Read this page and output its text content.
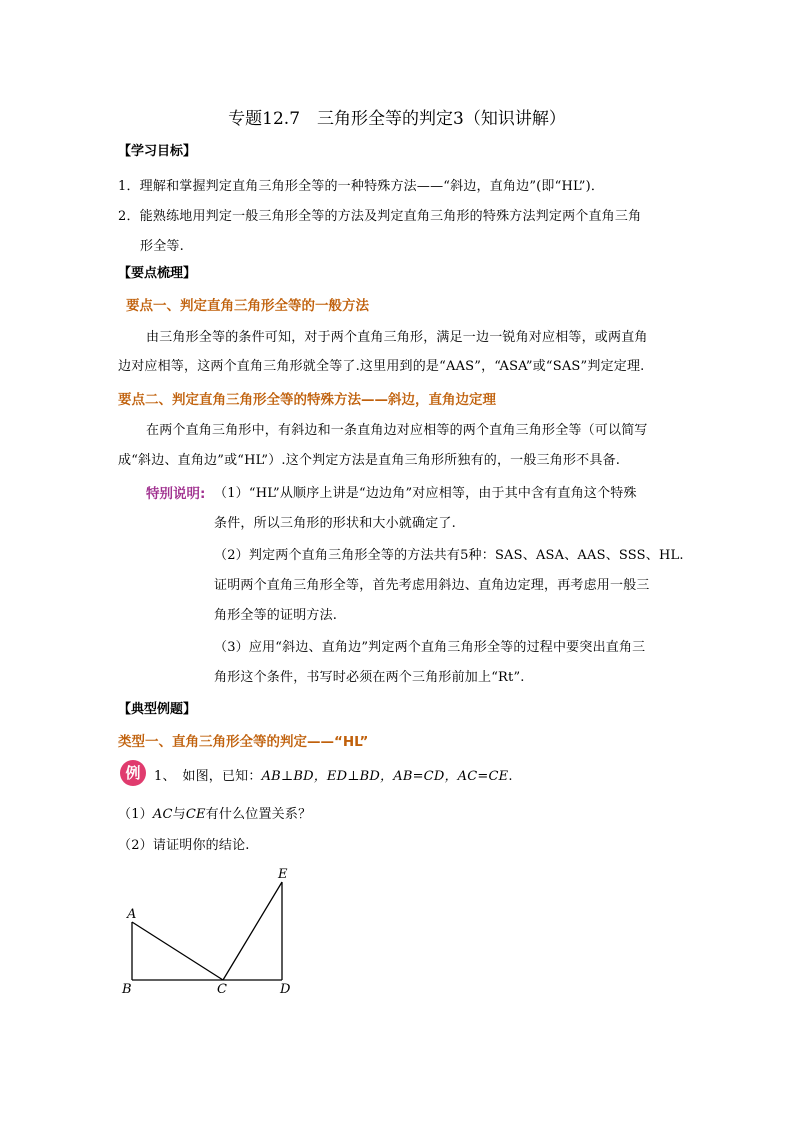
专题12.7　三角形全等的判定3（知识讲解）
【学习目标】
1．理解和掌握判定直角三角形全等的一种特殊方法——“斜边，直角边”(即“HL”)．
2．能熟练地用判定一般三角形全等的方法及判定直角三角形的特殊方法判定两个直角三角
形全等.
【要点梳理】
要点一、判定直角三角形全等的一般方法
由三角形全等的条件可知，对于两个直角三角形，满足一边一锐角对应相等，或两直角
边对应相等，这两个直角三角形就全等了.这里用到的是“AAS”，“ASA”或“SAS”判定定理.
要点二、判定直角三角形全等的特殊方法——斜边，直角边定理
在两个直角三角形中，有斜边和一条直角边对应相等的两个直角三角形全等（可以简写
成“斜边、直角边”或“HL”）.这个判定方法是直角三角形所独有的，一般三角形不具备.
特别说明: （1）“HL”从顺序上讲是“边边角”对应相等，由于其中含有直角这个特殊
条件，所以三角形的形状和大小就确定了.
（2）判定两个直角三角形全等的方法共有5种：SAS、ASA、AAS、SSS、HL.
证明两个直角三角形全等，首先考虑用斜边、直角边定理，再考虑用一般三
角形全等的证明方法.
（3）应用“斜边、直角边”判定两个直角三角形全等的过程中要突出直角三
角形这个条件，书写时必须在两个三角形前加上“Rt”.
【典型例题】
类型一、直角三角形全等的判定——“HL”
例	1、　如图，已知：AB⊥BD，ED⊥BD，AB=CD，AC=CE.
（1）AC与CE有什么位置关系？
（2）请证明你的结论.
A
B	C	D
E
